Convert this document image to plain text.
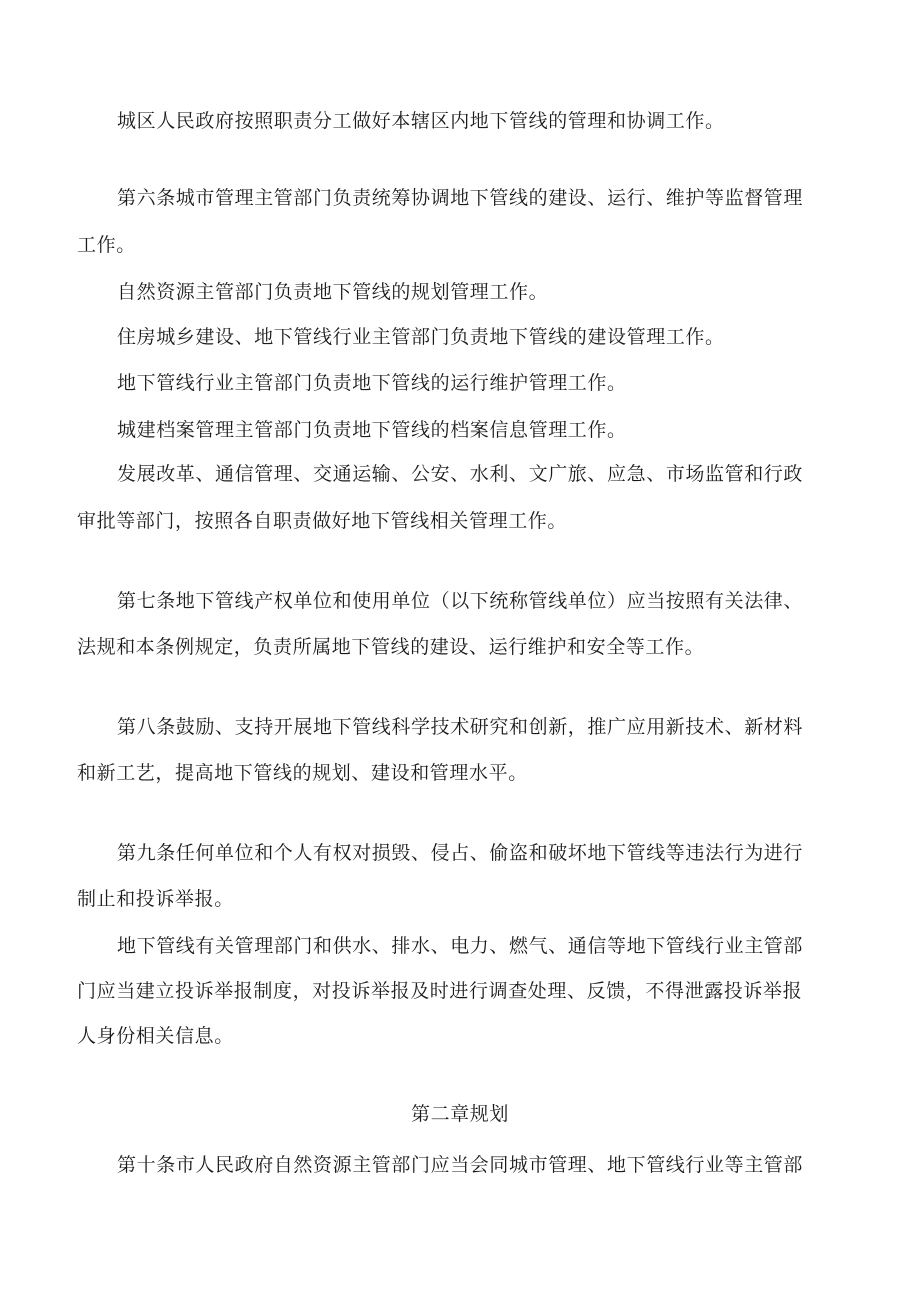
城区人民政府按照职责分工做好本辖区内地下管线的管理和协调工作。
第六条城市管理主管部门负责统筹协调地下管线的建设、运行、维护等监督管理
工作。
自然资源主管部门负责地下管线的规划管理工作。
住房城乡建设、地下管线行业主管部门负责地下管线的建设管理工作。
地下管线行业主管部门负责地下管线的运行维护管理工作。
城建档案管理主管部门负责地下管线的档案信息管理工作。
发展改革、通信管理、交通运输、公安、水利、文广旅、应急、市场监管和行政
审批等部门，按照各自职责做好地下管线相关管理工作。
第七条地下管线产权单位和使用单位（以下统称管线单位）应当按照有关法律、
法规和本条例规定，负责所属地下管线的建设、运行维护和安全等工作。
第八条鼓励、支持开展地下管线科学技术研究和创新，推广应用新技术、新材料
和新工艺，提高地下管线的规划、建设和管理水平。
第九条任何单位和个人有权对损毁、侵占、偷盗和破坏地下管线等违法行为进行
制止和投诉举报。
地下管线有关管理部门和供水、排水、电力、燃气、通信等地下管线行业主管部
门应当建立投诉举报制度，对投诉举报及时进行调查处理、反馈，不得泄露投诉举报
人身份相关信息。
第二章规划
第十条市人民政府自然资源主管部门应当会同城市管理、地下管线行业等主管部
